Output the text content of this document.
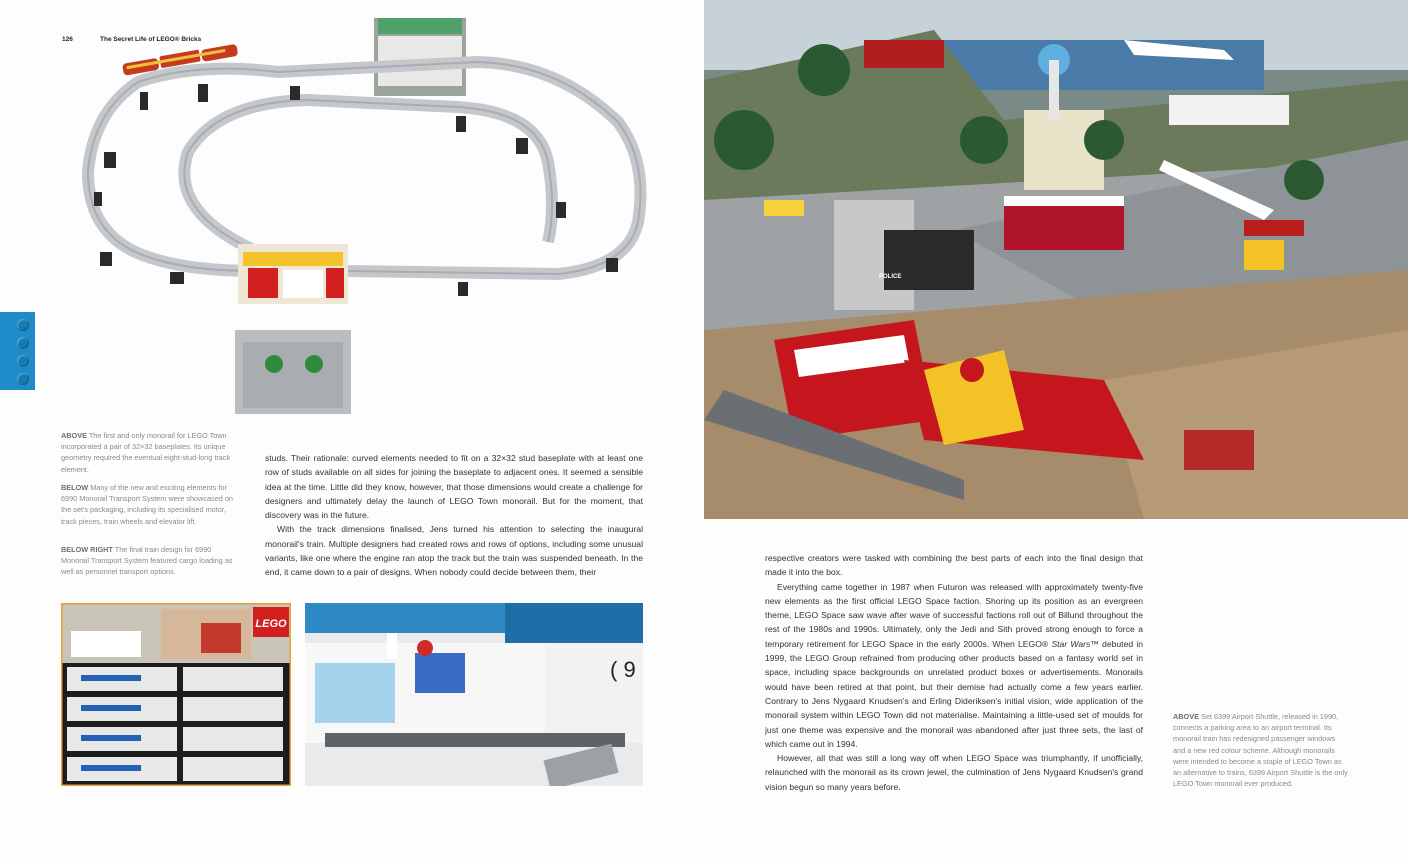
126	The Secret Life of LEGO® Bricks
ABOVE The first and only monorail for LEGO Town incorporated a pair of 32×32 baseplates. Its unique geometry required the eventual eight-stud-long track element.
BELOW Many of the new and exciting elements for 6990 Monorail Transport System were showcased on the set's packaging, including its specialised motor, track pieces, train wheels and elevator lift.
BELOW RIGHT The final train design for 6990 Monorail Transport System featured cargo loading as well as personnel transport options.

studs. Their rationale: curved elements needed to fit on a 32×32 stud baseplate with at least one row of studs available on all sides for joining the baseplate to adjacent ones. It seemed a sensible idea at the time. Little did they know, however, that those dimensions would create a challenge for designers and ultimately delay the launch of LEGO Town monorail. But for the moment, that discovery was in the future.

With the track dimensions finalised, Jens turned his attention to selecting the inaugural monorail's train. Multiple designers had created rows and rows of options, including some unusual variants, like one where the engine ran atop the track but the train was suspended beneath. In the end, it came down to a pair of designs. When nobody could decide between them, their

LEGO
( 9
POLICE

respective creators were tasked with combining the best parts of each into the final design that made it into the box.

Everything came together in 1987 when Futuron was released with approximately twenty-five new elements as the first official LEGO Space faction. Shoring up its position as an evergreen theme, LEGO Space saw wave after wave of successful factions roll out of Billund throughout the rest of the 1980s and 1990s. Ultimately, only the Jedi and Sith proved strong enough to force a temporary retirement for LEGO Space in the early 2000s. When LEGO® Star Wars™ debuted in 1999, the LEGO Group refrained from producing other products based on a fantasy world set in space, including space backgrounds on unrelated product boxes or advertisements. Monorails would have been retired at that point, but their demise had actually come a few years earlier. Contrary to Jens Nygaard Knudsen's and Erling Dideriksen's initial vision, wide application of the monorail system within LEGO Town did not materialise. Maintaining a little-used set of moulds for just one theme was expensive and the monorail was abandoned after just three sets, the last of which came out in 1994.

However, all that was still a long way off when LEGO Space was triumphantly, if unofficially, relaunched with the monorail as its crown jewel, the culmination of Jens Nygaard Knudsen's grand vision begun so many years before.

ABOVE Set 6399 Airport Shuttle, released in 1990, connects a parking area to an airport terminal. Its monorail train has redesigned passenger windows and a new red colour scheme. Although monorails were intended to become a staple of LEGO Town as an alternative to trains, 6399 Airport Shuttle is the only LEGO Town monorail ever produced.
